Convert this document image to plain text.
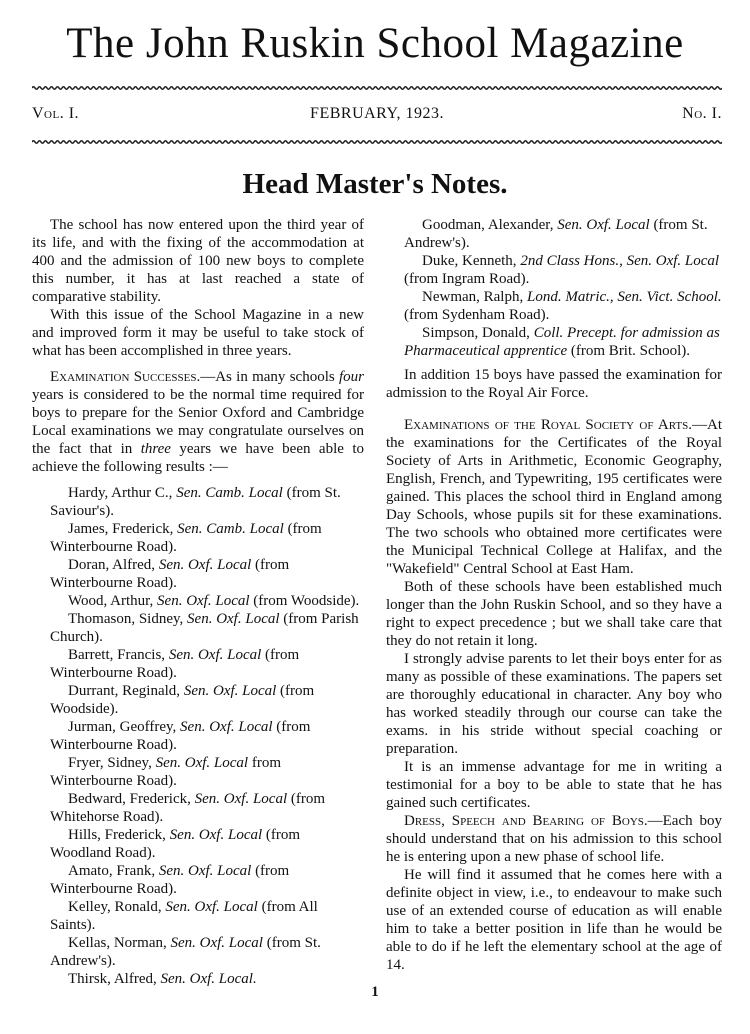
The John Ruskin School Magazine
Vol. I.	FEBRUARY, 1923.	No. I.
Head Master's Notes.

The school has now entered upon the third year of its life, and with the fixing of the accommodation at 400 and the admission of 100 new boys to complete this number, it has at last reached a state of comparative stability.

With this issue of the School Magazine in a new and improved form it may be useful to take stock of what has been accomplished in three years.

Examination Successes.—As in many schools four years is considered to be the normal time required for boys to prepare for the Senior Oxford and Cambridge Local examinations we may congratulate ourselves on the fact that in three years we have been able to achieve the following results :—

Hardy, Arthur C., Sen. Camb. Local (from St. Saviour's).

James, Frederick, Sen. Camb. Local (from Winterbourne Road).

Doran, Alfred, Sen. Oxf. Local (from Winterbourne Road).

Wood, Arthur, Sen. Oxf. Local (from Woodside).

Thomason, Sidney, Sen. Oxf. Local (from Parish Church).

Barrett, Francis, Sen. Oxf. Local (from Winterbourne Road).

Durrant, Reginald, Sen. Oxf. Local (from Woodside).

Jurman, Geoffrey, Sen. Oxf. Local (from Winterbourne Road).

Fryer, Sidney, Sen. Oxf. Local from Winterbourne Road).

Bedward, Frederick, Sen. Oxf. Local (from Whitehorse Road).

Hills, Frederick, Sen. Oxf. Local (from Woodland Road).

Amato, Frank, Sen. Oxf. Local (from Winterbourne Road).

Kelley, Ronald, Sen. Oxf. Local (from All Saints).

Kellas, Norman, Sen. Oxf. Local (from St. Andrew's).

Thirsk, Alfred, Sen. Oxf. Local.

Goodman, Alexander, Sen. Oxf. Local (from St. Andrew's).

Duke, Kenneth, 2nd Class Hons., Sen. Oxf. Local (from Ingram Road).

Newman, Ralph, Lond. Matric., Sen. Vict. School. (from Sydenham Road).

Simpson, Donald, Coll. Precept. for admission as Pharmaceutical apprentice (from Brit. School).

In addition 15 boys have passed the examination for admission to the Royal Air Force.

Examinations of the Royal Society of Arts.—At the examinations for the Certificates of the Royal Society of Arts in Arithmetic, Economic Geography, English, French, and Typewriting, 195 certificates were gained. This places the school third in England among Day Schools, whose pupils sit for these examinations. The two schools who obtained more certificates were the Municipal Technical College at Halifax, and the "Wakefield" Central School at East Ham.

Both of these schools have been established much longer than the John Ruskin School, and so they have a right to expect precedence ; but we shall take care that they do not retain it long.

I strongly advise parents to let their boys enter for as many as possible of these examinations. The papers set are thoroughly educational in character. Any boy who has worked steadily through our course can take the exams. in his stride without special coaching or preparation.

It is an immense advantage for me in writing a testimonial for a boy to be able to state that he has gained such certificates.

Dress, Speech and Bearing of Boys.—Each boy should understand that on his admission to this school he is entering upon a new phase of school life.

He will find it assumed that he comes here with a definite object in view, i.e., to endeavour to make such use of an extended course of education as will enable him to take a better position in life than he would be able to do if he left the elementary school at the age of 14.

1
